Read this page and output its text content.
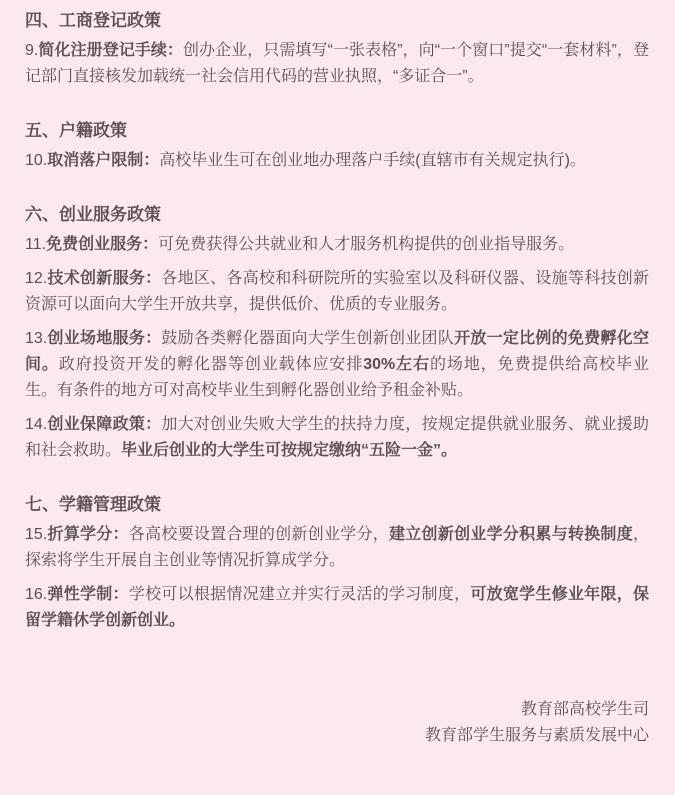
四、工商登记政策

9.简化注册登记手续：创办企业，只需填写“一张表格”，向“一个窗口”提交“一套材料”，登记部门直接核发加载统一社会信用代码的营业执照，“多证合一”。

五、户籍政策

10.取消落户限制：高校毕业生可在创业地办理落户手续(直辖市有关规定执行)。

六、创业服务政策

11.免费创业服务：可免费获得公共就业和人才服务机构提供的创业指导服务。

12.技术创新服务：各地区、各高校和科研院所的实验室以及科研仪器、设施等科技创新资源可以面向大学生开放共享，提供低价、优质的专业服务。

13.创业场地服务：鼓励各类孵化器面向大学生创新创业团队开放一定比例的免费孵化空间。政府投资开发的孵化器等创业载体应安排30%左右的场地，免费提供给高校毕业生。有条件的地方可对高校毕业生到孵化器创业给予租金补贴。

14.创业保障政策：加大对创业失败大学生的扶持力度，按规定提供就业服务、就业援助和社会救助。毕业后创业的大学生可按规定缴纳“五险一金”。

七、学籍管理政策

15.折算学分：各高校要设置合理的创新创业学分，建立创新创业学分积累与转换制度，探索将学生开展自主创业等情况折算成学分。

16.弹性学制：学校可以根据情况建立并实行灵活的学习制度，可放宽学生修业年限，保留学籍休学创新创业。

教育部高校学生司
教育部学生服务与素质发展中心
